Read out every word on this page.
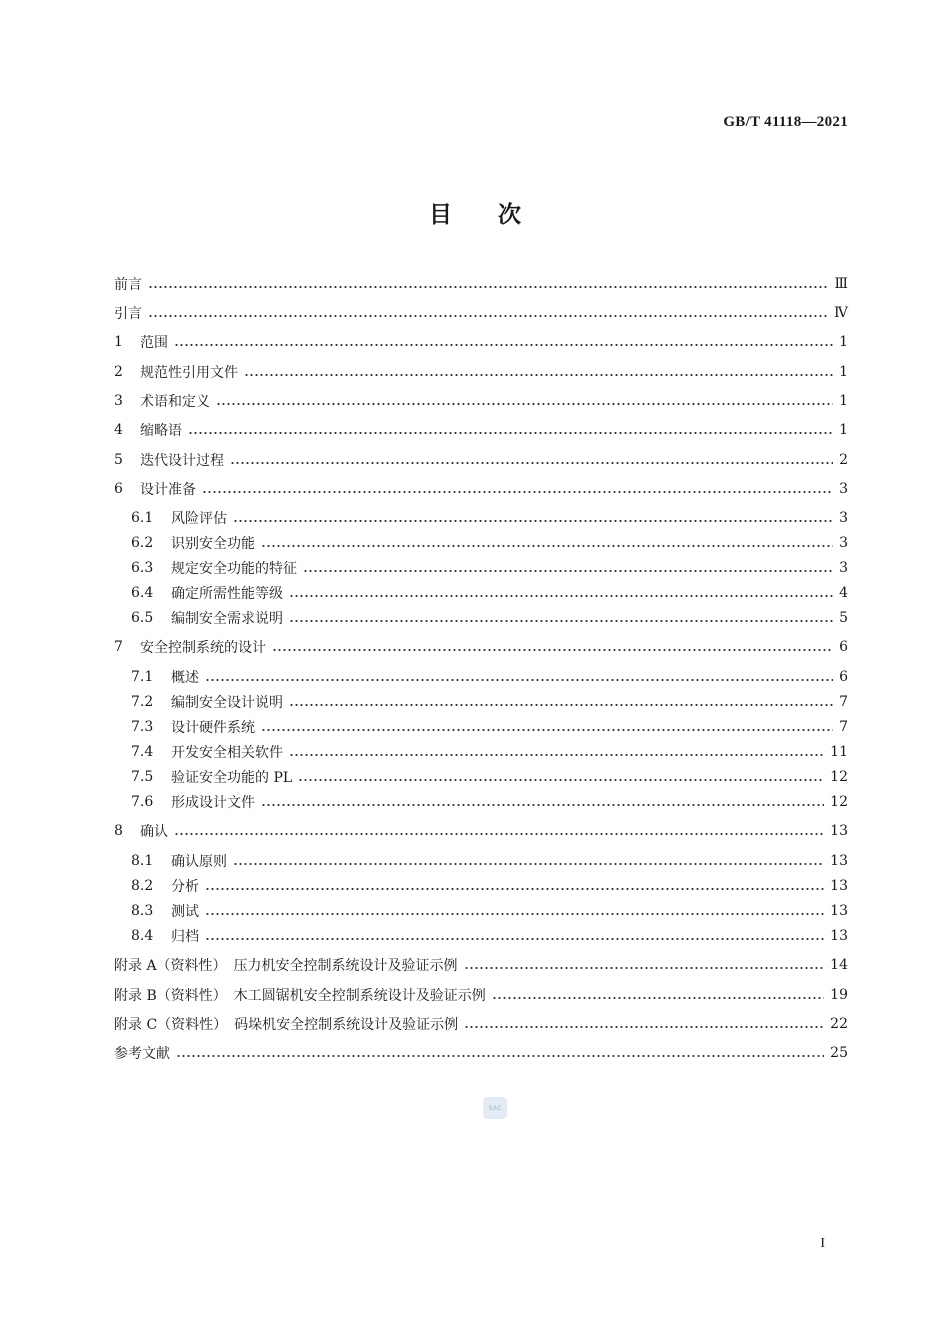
GB/T 41118—2021
目　　次
前言	Ⅲ
引言	Ⅳ
1	范围	1
2	规范性引用文件	1
3	术语和定义	1
4	缩略语	1
5	迭代设计过程	2
6	设计准备	3
6.1	风险评估	3
6.2	识别安全功能	3
6.3	规定安全功能的特征	3
6.4	确定所需性能等级	4
6.5	编制安全需求说明	5
7	安全控制系统的设计	6
7.1	概述	6
7.2	编制安全设计说明	7
7.3	设计硬件系统	7
7.4	开发安全相关软件	11
7.5	验证安全功能的 PL	12
7.6	形成设计文件	12
8	确认	13
8.1	确认原则	13
8.2	分析	13
8.3	测试	13
8.4	归档	13
附录 A（资料性）　压力机安全控制系统设计及验证示例	14
附录 B（资料性）　木工圆锯机安全控制系统设计及验证示例	19
附录 C（资料性）　码垛机安全控制系统设计及验证示例	22
参考文献	25
SAC
I
